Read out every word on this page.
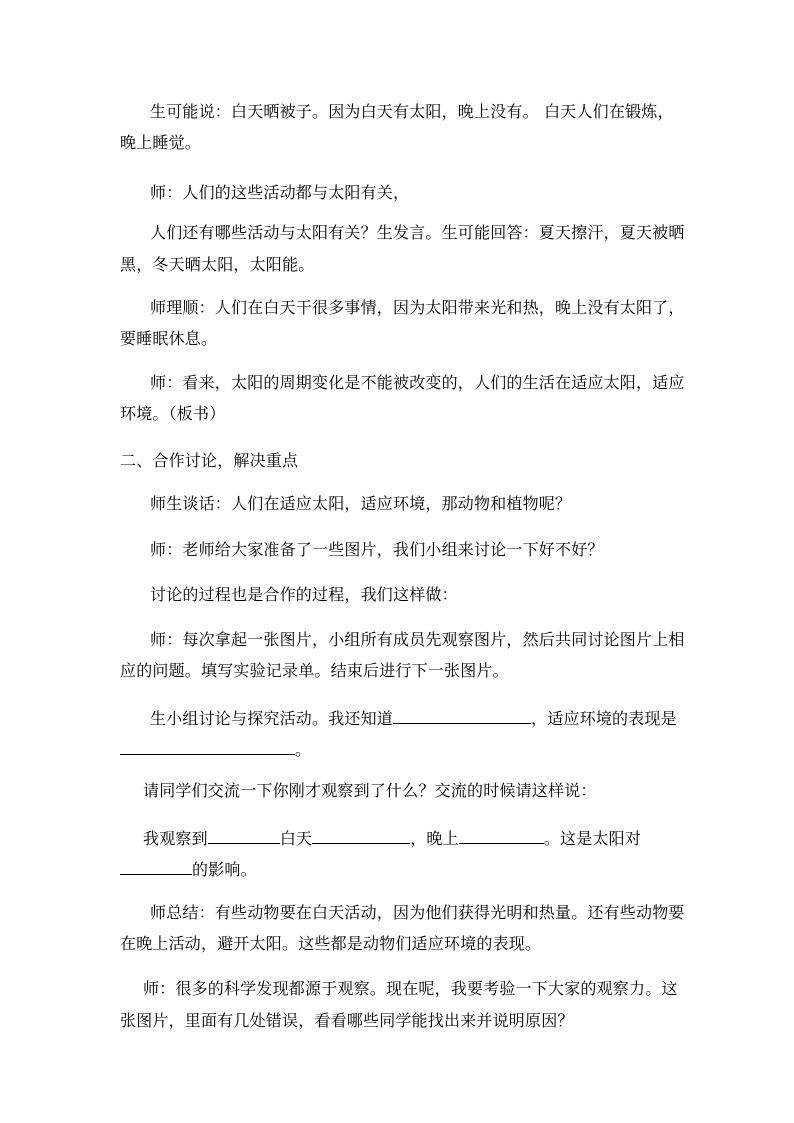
生可能说：白天晒被子。因为白天有太阳，晚上没有。 白天人们在锻炼，
晚上睡觉。
师：人们的这些活动都与太阳有关，
人们还有哪些活动与太阳有关？生发言。生可能回答：夏天擦汗，夏天被晒
黑，冬天晒太阳，太阳能。
师理顺：人们在白天干很多事情，因为太阳带来光和热，晚上没有太阳了，
要睡眠休息。
师：看来，太阳的周期变化是不能被改变的，人们的生活在适应太阳，适应
环境。（板书）
二、合作讨论，解决重点
师生谈话：人们在适应太阳，适应环境，那动物和植物呢？
师：老师给大家准备了一些图片，我们小组来讨论一下好不好？
讨论的过程也是合作的过程，我们这样做：
师：每次拿起一张图片，小组所有成员先观察图片，然后共同讨论图片上相
应的问题。填写实验记录单。结束后进行下一张图片。
生小组讨论与探究活动。我还知道	，适应环境的表现是
。
请同学们交流一下你刚才观察到了什么？交流的时候请这样说：
我观察到	白天	，晚上	。这是太阳对
的影响。
师总结：有些动物要在白天活动，因为他们获得光明和热量。还有些动物要
在晚上活动，避开太阳。这些都是动物们适应环境的表现。
师：很多的科学发现都源于观察。现在呢，我要考验一下大家的观察力。这
张图片，里面有几处错误，看看哪些同学能找出来并说明原因？
